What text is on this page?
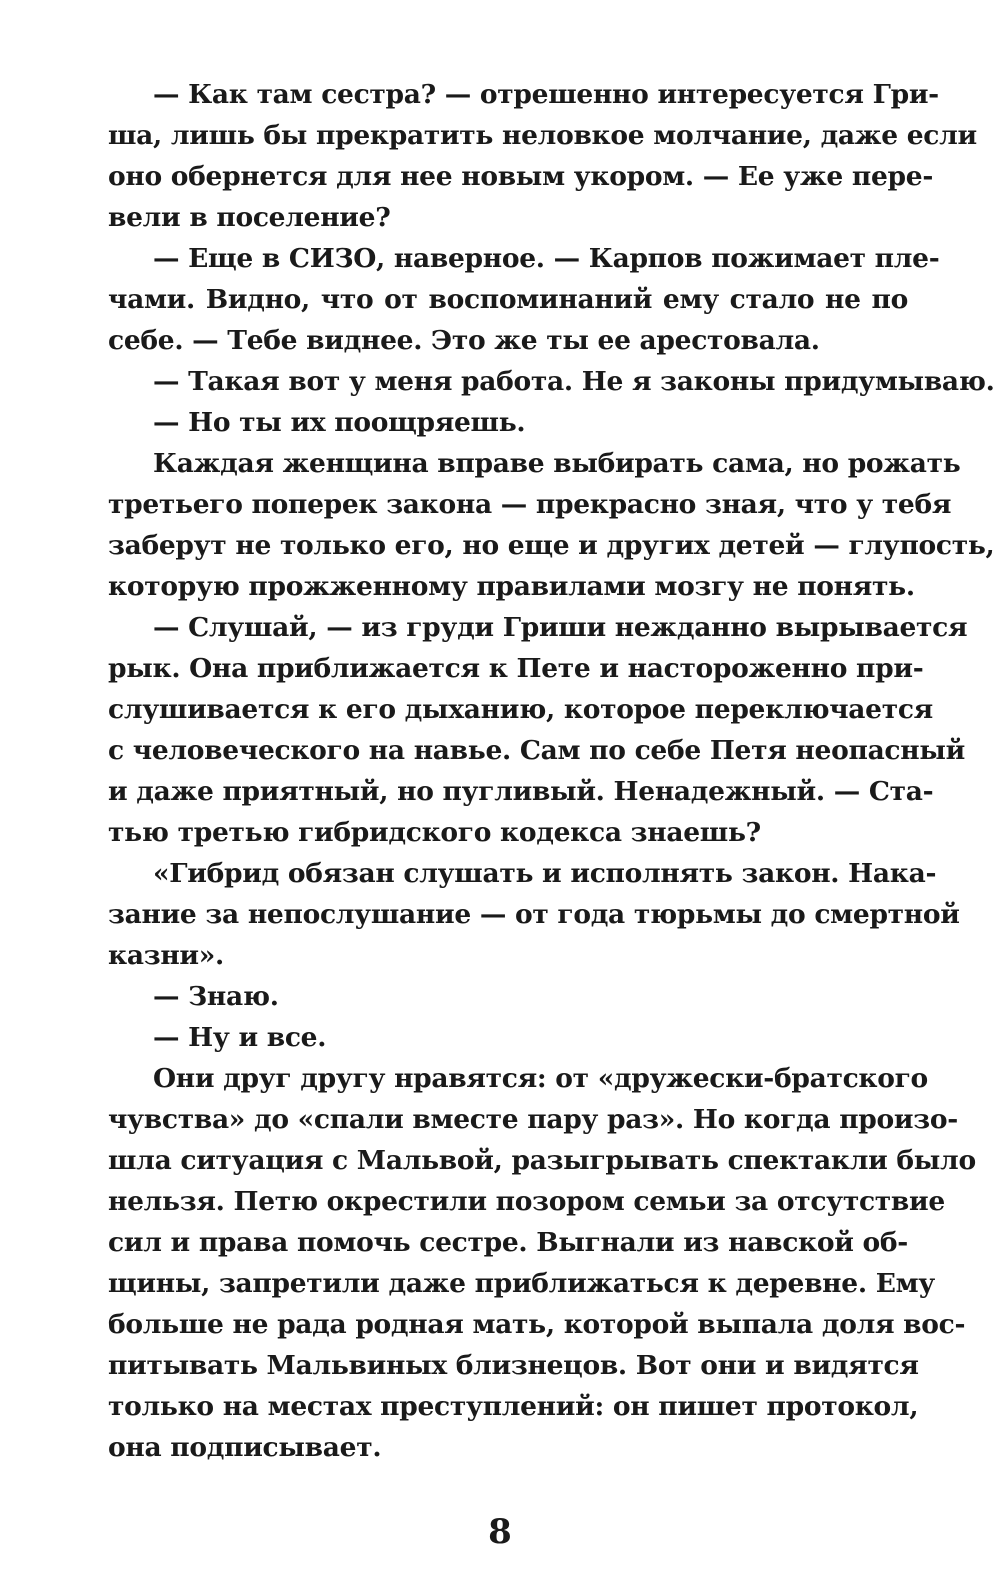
— Как там сестра? — отрешенно интересуется Гри-
ша, лишь бы прекратить неловкое молчание, даже если
оно обернется для нее новым укором. — Ее уже пере-
вели в поселение?
— Еще в СИЗО, наверное. — Карпов пожимает пле-
чами. Видно, что от воспоминаний ему стало не по
себе. — Тебе виднее. Это же ты ее арестовала.
— Такая вот у меня работа. Не я законы придумываю.
— Но ты их поощряешь.
Каждая женщина вправе выбирать сама, но рожать
третьего поперек закона — прекрасно зная, что у тебя
заберут не только его, но еще и других детей — глупость,
которую прожженному правилами мозгу не понять.
— Слушай, — из груди Гриши нежданно вырывается
рык. Она приближается к Пете и настороженно при-
слушивается к его дыханию, которое переключается
с человеческого на навье. Сам по себе Петя неопасный
и даже приятный, но пугливый. Ненадежный. — Ста-
тью третью гибридского кодекса знаешь?
«Гибрид обязан слушать и исполнять закон. Нака-
зание за непослушание — от года тюрьмы до смертной
казни».
— Знаю.
— Ну и все.
Они друг другу нравятся: от «дружески-братского
чувства» до «спали вместе пару раз». Но когда произо-
шла ситуация с Мальвой, разыгрывать спектакли было
нельзя. Петю окрестили позором семьи за отсутствие
сил и права помочь сестре. Выгнали из навской об-
щины, запретили даже приближаться к деревне. Ему
больше не рада родная мать, которой выпала доля вос-
питывать Мальвиных близнецов. Вот они и видятся
только на местах преступлений: он пишет протокол,
она подписывает.
8
